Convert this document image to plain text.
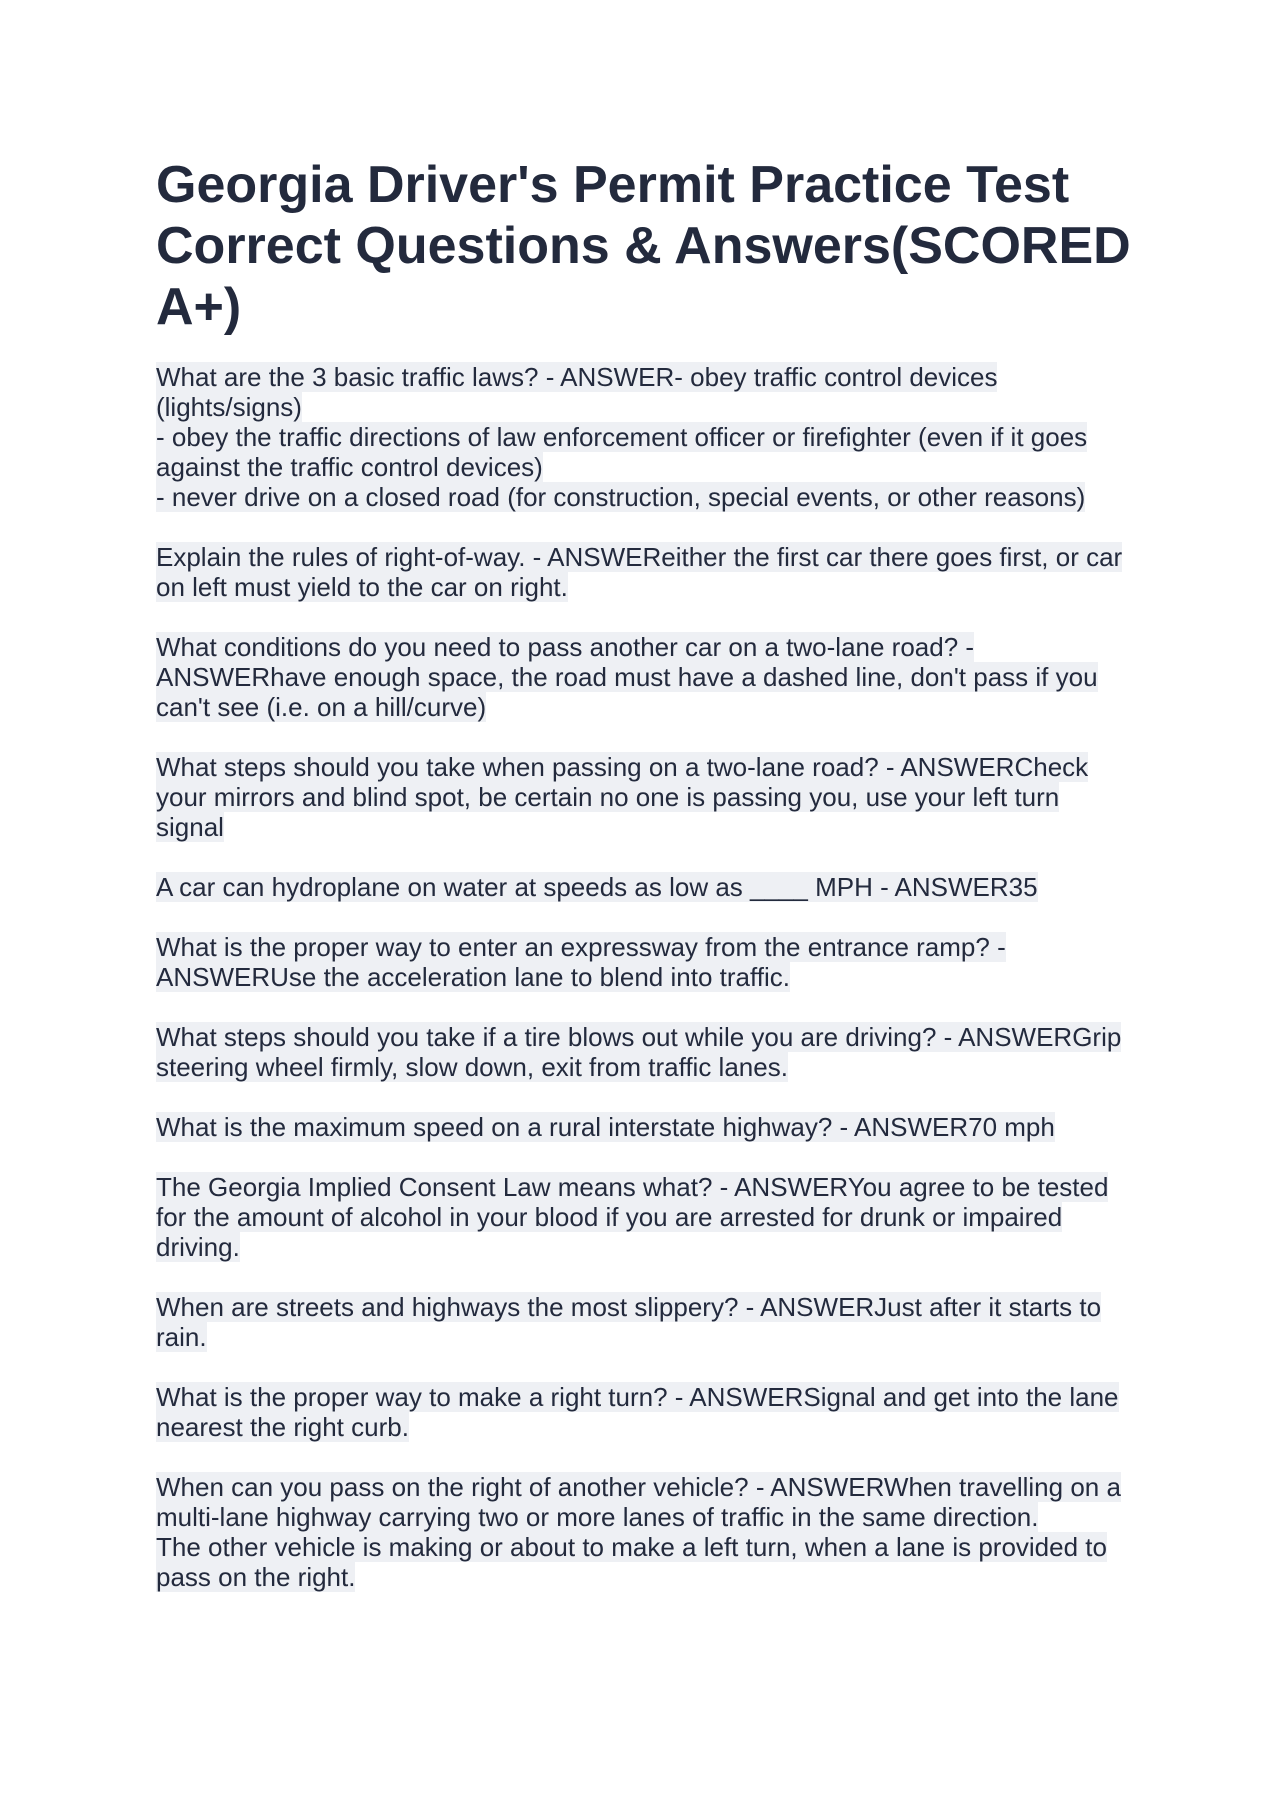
Georgia Driver's Permit Practice Test Correct Questions & Answers(SCORED A+)
What are the 3 basic traffic laws? - ANSWER- obey traffic control devices (lights/signs)
- obey the traffic directions of law enforcement officer or firefighter (even if it goes against the traffic control devices)
- never drive on a closed road (for construction, special events, or other reasons)
Explain the rules of right-of-way. - ANSWEReither the first car there goes first, or car on left must yield to the car on right.
What conditions do you need to pass another car on a two-lane road? - ANSWERhave enough space, the road must have a dashed line, don't pass if you can't see (i.e. on a hill/curve)
What steps should you take when passing on a two-lane road? - ANSWERCheck your mirrors and blind spot, be certain no one is passing you, use your left turn signal
A car can hydroplane on water at speeds as low as ____ MPH - ANSWER35
What is the proper way to enter an expressway from the entrance ramp? - ANSWERUse the acceleration lane to blend into traffic.
What steps should you take if a tire blows out while you are driving? - ANSWERGrip steering wheel firmly, slow down, exit from traffic lanes.
What is the maximum speed on a rural interstate highway? - ANSWER70 mph
The Georgia Implied Consent Law means what? - ANSWERYou agree to be tested for the amount of alcohol in your blood if you are arrested for drunk or impaired driving.
When are streets and highways the most slippery? - ANSWERJust after it starts to rain.
What is the proper way to make a right turn? - ANSWERSignal and get into the lane nearest the right curb.
When can you pass on the right of another vehicle? - ANSWERWhen travelling on a multi-lane highway carrying two or more lanes of traffic in the same direction.
The other vehicle is making or about to make a left turn, when a lane is provided to pass on the right.
